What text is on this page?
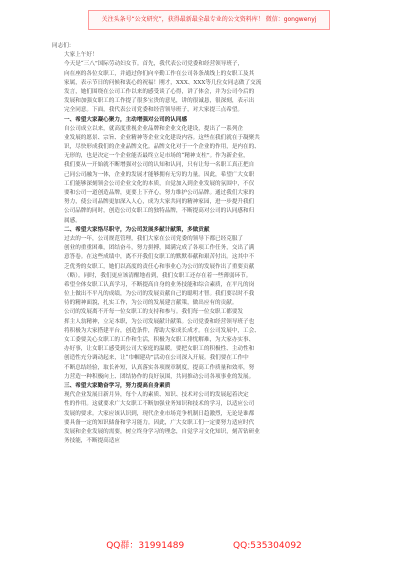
关注头条号“公文研究”，获得最新最全最专业的公文资料库！ 微信：gongwenyj
同志们：
大家上午好！
今天是“三八”国际劳动妇女节。首先，我代表公司党委和经营领导班子，
向在座的各位女职工，并通过你们向辛勤工作在公司各条战线上的女职工及其
家属，表示节日的问候和衷心的祝福！刚才，XXX、XXX等几位女同志做了交流
发言，她们围绕在公司工作以来的感受谈了心得，讲了体会，并为公司今后的
发展和加强女职工的工作提了很多宝贵的意见，讲的很诚恳，很深刻，表示出
完全同意。下面，我代表公司党委和经营领导班子，对大家提三点希望。
一、希望大家凝心聚力，主动增强对公司的认同感
自公司成立以来，就高度重视企业品牌和企业文化建设，提出了一系列企
业发展的愿景、宗旨、企业精神等企业文化建设内容。这些在我们就在于凝聚共
识，尽快形成我们的企业品牌文化。品牌文化对于一个企业的作用，是内在的、
无形的，也是决定一个企业能否最终立足市场的“精神支柱”。作为新企业，
我们要从一开始就不断增强对公司的认知和认同，只有让每一名职工真正把自
己同公司融为一体，企业的发展才能够拥有无穷的力量。因此，希望广大女职
工们能够深刻领会公司企业文化的本质，自觉加入到企业发展的氛围中，不仅
要和公司一道创造品牌，更要上下齐心，努力维护公司品牌。通过我们大家的
努力，使公司品牌更加深入人心，成为大家共同的精神家园，进一步提升我们
公司品牌的同时，创造公司女职工的独特品牌，不断提高对公司的认同感和归
属感。
二、希望大家恪尽职守，为公司发展多献计献策，多做贡献
过去的一年，公司规范管理，我们大家在公司党委的领导下都已经克服了
创业的重重困难，团结奋斗，努力拼搏，圆满完成了各项工作任务，交出了满
意答卷。在这些成绩中，离不开我们女职工的默默奉献和艰苦付出。这其中不
乏优秀的女职工，她们以高度的责任心和事业心为公司的发展作出了重要贡献
（略）。同时，我们更应该清醒地看到，我们女职工还存在着一些薄弱环节。
希望全体女职工认真学习，不断提高自身的业务技能和综合素质，在平凡的岗
位上做出不平凡的成绩，为公司的发展贡献自己的聪明才智。我们要以时不我
待的精神面貌，扎实工作，为公司的发展建言献策，做出应有的贡献。
公司的发展离不开每一位女职工的支持和参与。我们每一位女职工都要发
挥主人翁精神，立足本职，为公司发展献计献策。公司党委和经营领导班子也
将积极为大家搭建平台，创造条件，帮助大家成长成才。在公司发展中，工会、
女工委要关心女职工的工作和生活，积极为女职工排忧解难，为大家办实事、
办好事，让女职工感受到公司大家庭的温暖。要把女职工的积极性、主动性和
创造性充分调动起来，让“巾帼建功”活动在公司深入开展。我们要在工作中
不断总结经验，取长补短，认真落实各项规章制度，提高工作质量和效率，努
力营造一种积极向上、团结协作的良好氛围，共同推动公司各项事业的发展。
三、希望大家勤奋学习，努力提高自身素质
现代企业发展日新月异，每个人的素质、知识、技术对公司的发展起着决定
性的作用。这就要求广大女职工不断加强业务知识和技术的学习，以适应公司
发展的要求。大家应该认识到，现代企业市场竞争机制日趋激烈，无论是谁都
要具备一定的知识储备和学习能力。因此，广大女职工们一定要努力适应时代
发展和企业发展的需要，树立终身学习的理念，自觉学习文化知识，刻苦钻研业
务技能，不断提高适应
QQ群：31991489	QQ:535304092
